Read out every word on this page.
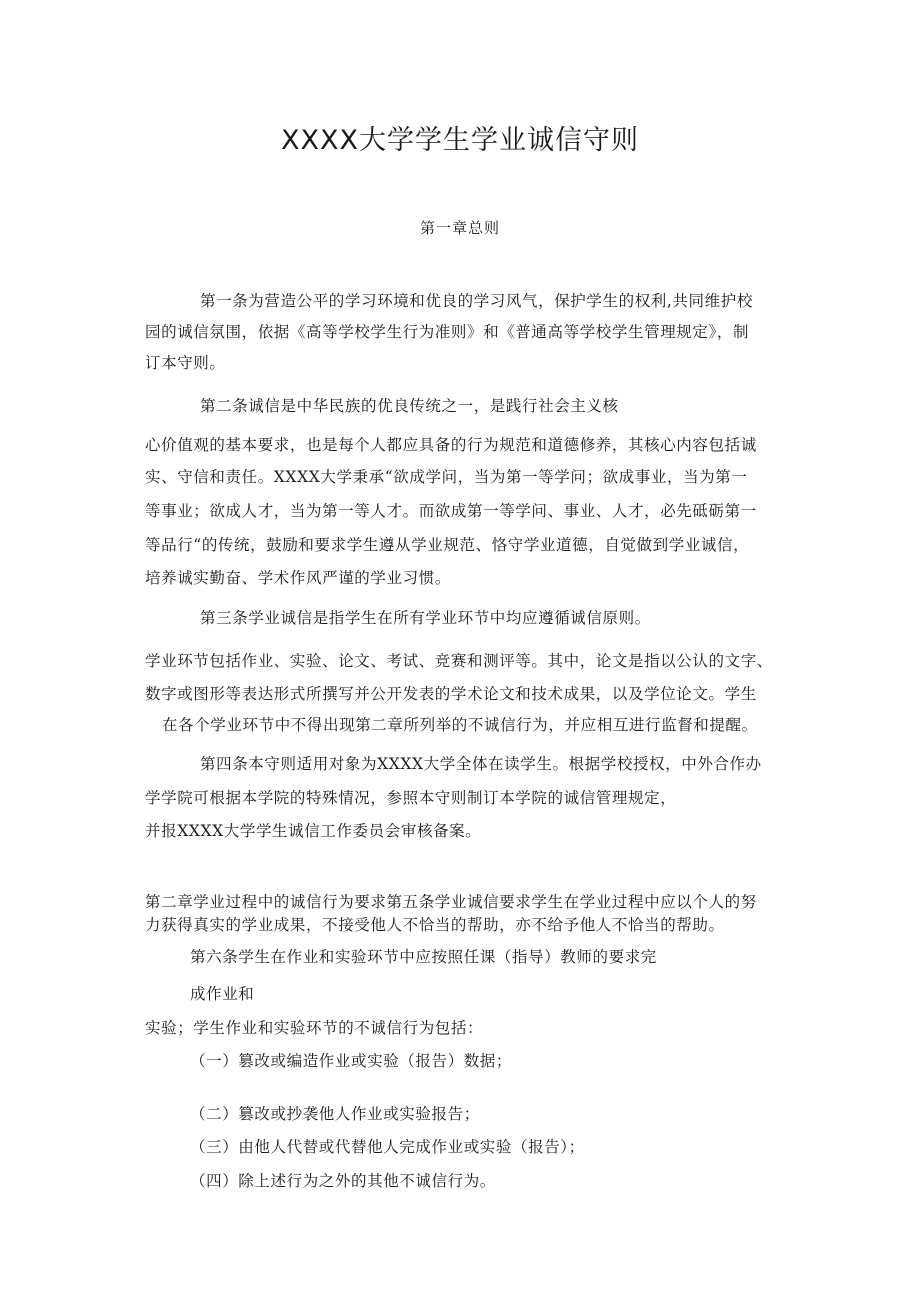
XXXX大学学生学业诚信守则
第一章总则
第一条为营造公平的学习环境和优良的学习风气，保护学生的权利,共同维护校
园的诚信氛围，依据《高等学校学生行为准则》和《普通高等学校学生管理规定》，制
订本守则。
第二条诚信是中华民族的优良传统之一，是践行社会主义核
心价值观的基本要求，也是每个人都应具备的行为规范和道德修养，其核心内容包括诚
实、守信和责任。XXXX大学秉承“欲成学问，当为第一等学问；欲成事业，当为第一
等事业；欲成人才，当为第一等人才。而欲成第一等学问、事业、人才，必先砥砺第一
等品行“的传统，鼓励和要求学生遵从学业规范、恪守学业道德，自觉做到学业诚信，
培养诚实勤奋、学术作风严谨的学业习惯。
第三条学业诚信是指学生在所有学业环节中均应遵循诚信原则。
学业环节包括作业、实验、论文、考试、竞赛和测评等。其中，论文是指以公认的文字、
数字或图形等表达形式所撰写并公开发表的学术论文和技术成果，以及学位论文。学生
在各个学业环节中不得出现第二章所列举的不诚信行为，并应相互进行监督和提醒。
第四条本守则适用对象为XXXX大学全体在读学生。根据学校授权，中外合作办
学学院可根据本学院的特殊情况，参照本守则制订本学院的诚信管理规定，
并报XXXX大学学生诚信工作委员会审核备案。
第二章学业过程中的诚信行为要求第五条学业诚信要求学生在学业过程中应以个人的努
力获得真实的学业成果，不接受他人不恰当的帮助，亦不给予他人不恰当的帮助。
第六条学生在作业和实验环节中应按照任课（指导）教师的要求完
成作业和
实验；学生作业和实验环节的不诚信行为包括：
（一）篡改或编造作业或实验（报告）数据；
（二）篡改或抄袭他人作业或实验报告；
（三）由他人代替或代替他人完成作业或实验（报告）；
（四）除上述行为之外的其他不诚信行为。
